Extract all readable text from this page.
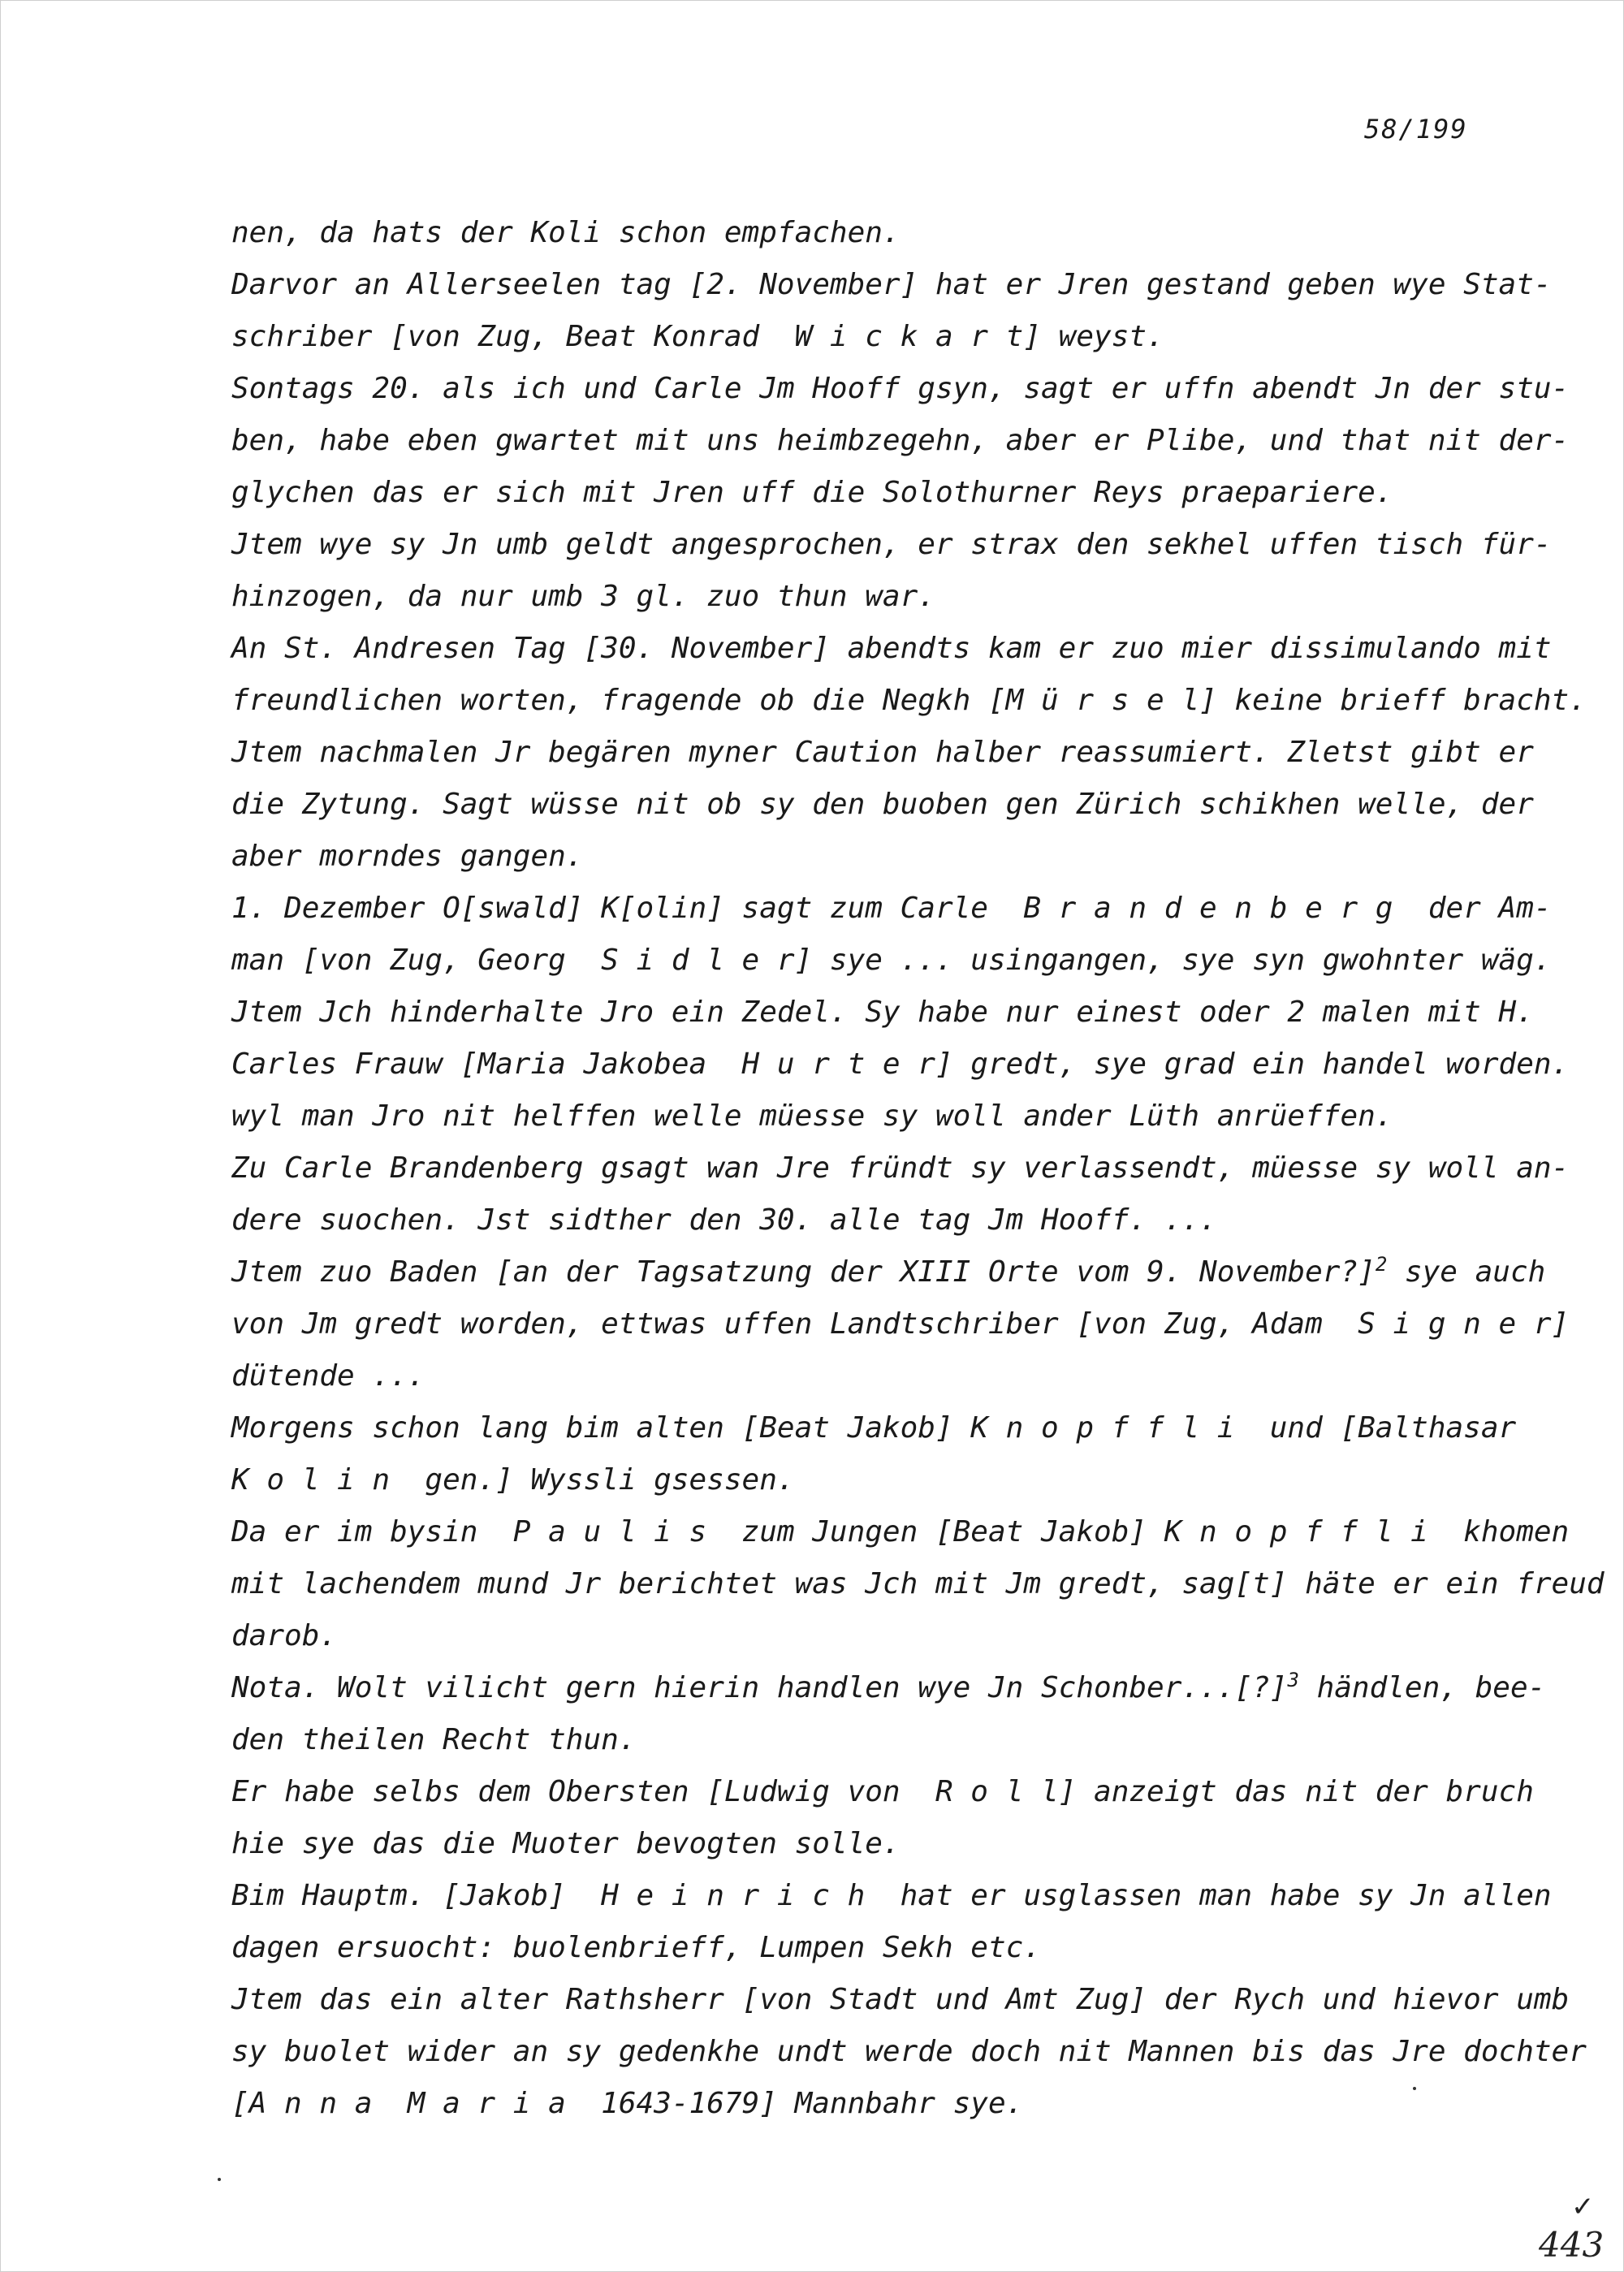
58/199
nen, da hats der Koli schon empfachen.
Darvor an Allerseelen tag [2. November] hat er Jren gestand geben wye Stat-
schriber [von Zug, Beat Konrad  W i c k a r t] weyst.
Sontags 20. als ich und Carle Jm Hooff gsyn, sagt er uffn abendt Jn der stu-
ben, habe eben gwartet mit uns heimbzegehn, aber er Plibe, und that nit der-
glychen das er sich mit Jren uff die Solothurner Reys praepariere.
Jtem wye sy Jn umb geldt angesprochen, er strax den sekhel uffen tisch für-
hinzogen, da nur umb 3 gl. zuo thun war.
An St. Andresen Tag [30. November] abendts kam er zuo mier dissimulando mit
freundlichen worten, fragende ob die Negkh [M ü r s e l] keine brieff bracht.
Jtem nachmalen Jr begären myner Caution halber reassumiert. Zletst gibt er
die Zytung. Sagt wüsse nit ob sy den buoben gen Zürich schikhen welle, der
aber morndes gangen.
1. Dezember O[swald] K[olin] sagt zum Carle  B r a n d e n b e r g  der Am-
man [von Zug, Georg  S i d l e r] sye ... usingangen, sye syn gwohnter wäg.
Jtem Jch hinderhalte Jro ein Zedel. Sy habe nur einest oder 2 malen mit H.
Carles Frauw [Maria Jakobea  H u r t e r] gredt, sye grad ein handel worden.
wyl man Jro nit helffen welle müesse sy woll ander Lüth anrüeffen.
Zu Carle Brandenberg gsagt wan Jre fründt sy verlassendt, müesse sy woll an-
dere suochen. Jst sidther den 30. alle tag Jm Hooff. ...
Jtem zuo Baden [an der Tagsatzung der XIII Orte vom 9. November?]$^2$ sye auch
von Jm gredt worden, ettwas uffen Landtschriber [von Zug, Adam  S i g n e r]
dütende ...
Morgens schon lang bim alten [Beat Jakob] K n o p f f l i  und [Balthasar
K o l i n  gen.] Wyssli gsessen.
Da er im bysin  P a u l i s  zum Jungen [Beat Jakob] K n o p f f l i  khomen
mit lachendem mund Jr berichtet was Jch mit Jm gredt, sag[t] häte er ein freud
darob.
Nota. Wolt vilicht gern hierin handlen wye Jn Schonber...[?]$^3$ händlen, bee-
den theilen Recht thun.
Er habe selbs dem Obersten [Ludwig von  R o l l] anzeigt das nit der bruch
hie sye das die Muoter bevogten solle.
Bim Hauptm. [Jakob]  H e i n r i c h  hat er usglassen man habe sy Jn allen
dagen ersuocht: buolenbrieff, Lumpen Sekh etc.
Jtem das ein alter Rathsherr [von Stadt und Amt Zug] der Rych und hievor umb
sy buolet wider an sy gedenkhe undt werde doch nit Mannen bis das Jre dochter
[A n n a  M a r i a  1643-1679] Mannbahr sye.
✓
443
